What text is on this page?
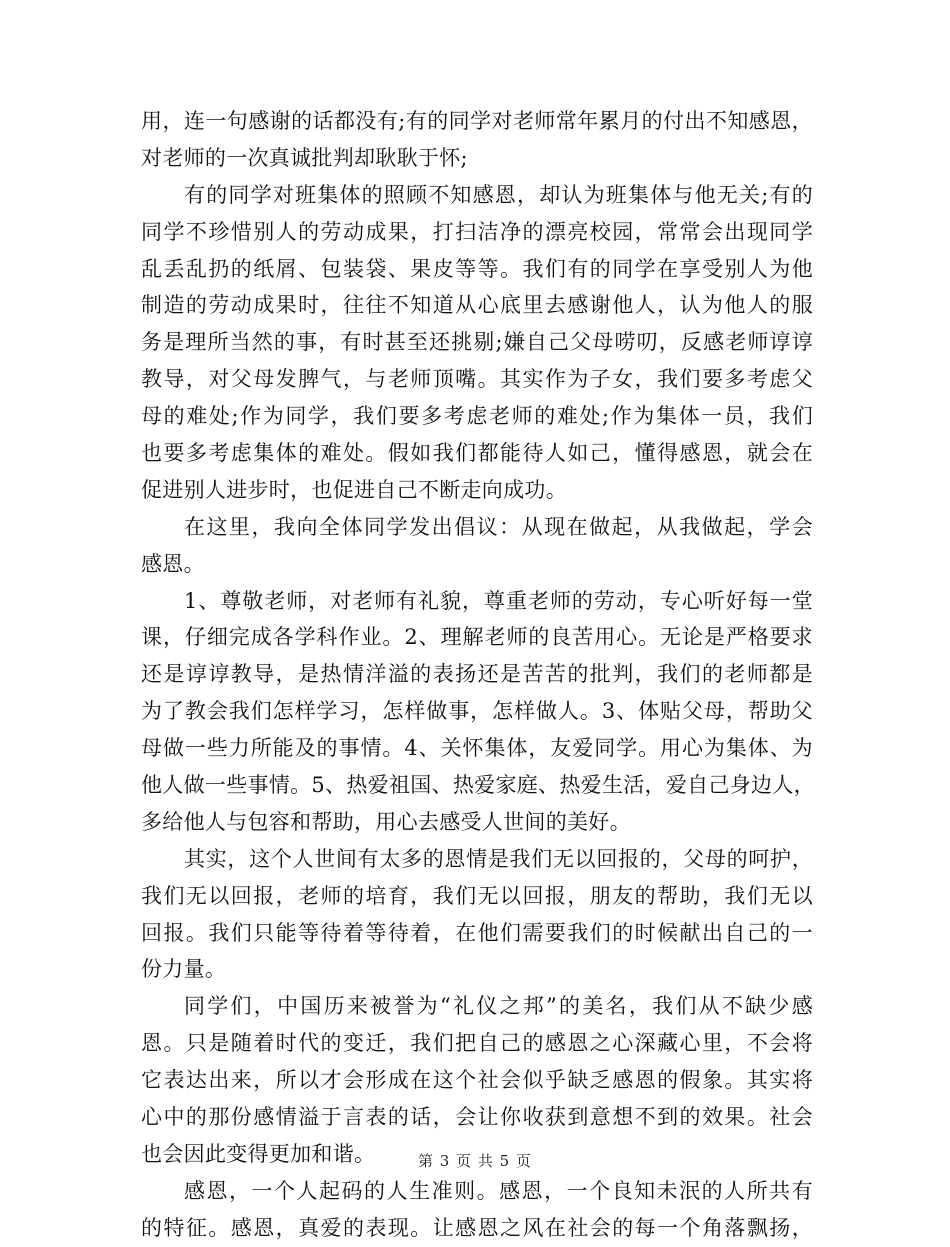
用，连一句感谢的话都没有;有的同学对老师常年累月的付出不知感恩，
对老师的一次真诚批判却耿耿于怀;
有的同学对班集体的照顾不知感恩，却认为班集体与他无关;有的
同学不珍惜别人的劳动成果，打扫洁净的漂亮校园，常常会出现同学
乱丢乱扔的纸屑、包装袋、果皮等等。我们有的同学在享受别人为他
制造的劳动成果时，往往不知道从心底里去感谢他人，认为他人的服
务是理所当然的事，有时甚至还挑剔;嫌自己父母唠叨，反感老师谆谆
教导，对父母发脾气，与老师顶嘴。其实作为子女，我们要多考虑父
母的难处;作为同学，我们要多考虑老师的难处;作为集体一员，我们
也要多考虑集体的难处。假如我们都能待人如己，懂得感恩，就会在
促进别人进步时，也促进自己不断走向成功。
在这里，我向全体同学发出倡议：从现在做起，从我做起，学会
感恩。
1、尊敬老师，对老师有礼貌，尊重老师的劳动，专心听好每一堂
课，仔细完成各学科作业。2、理解老师的良苦用心。无论是严格要求
还是谆谆教导，是热情洋溢的表扬还是苦苦的批判，我们的老师都是
为了教会我们怎样学习，怎样做事，怎样做人。3、体贴父母，帮助父
母做一些力所能及的事情。4、关怀集体，友爱同学。用心为集体、为
他人做一些事情。5、热爱祖国、热爱家庭、热爱生活，爱自己身边人，
多给他人与包容和帮助，用心去感受人世间的美好。
其实，这个人世间有太多的恩情是我们无以回报的，父母的呵护，
我们无以回报，老师的培育，我们无以回报，朋友的帮助，我们无以
回报。我们只能等待着等待着，在他们需要我们的时候献出自己的一
份力量。
同学们，中国历来被誉为“礼仪之邦”的美名，我们从不缺少感
恩。只是随着时代的变迁，我们把自己的感恩之心深藏心里，不会将
它表达出来，所以才会形成在这个社会似乎缺乏感恩的假象。其实将
心中的那份感情溢于言表的话，会让你收获到意想不到的效果。社会
也会因此变得更加和谐。
感恩，一个人起码的人生准则。感恩，一个良知未泯的人所共有
的特征。感恩，真爱的表现。让感恩之风在社会的每一个角落飘扬，
第 3 页 共 5 页
